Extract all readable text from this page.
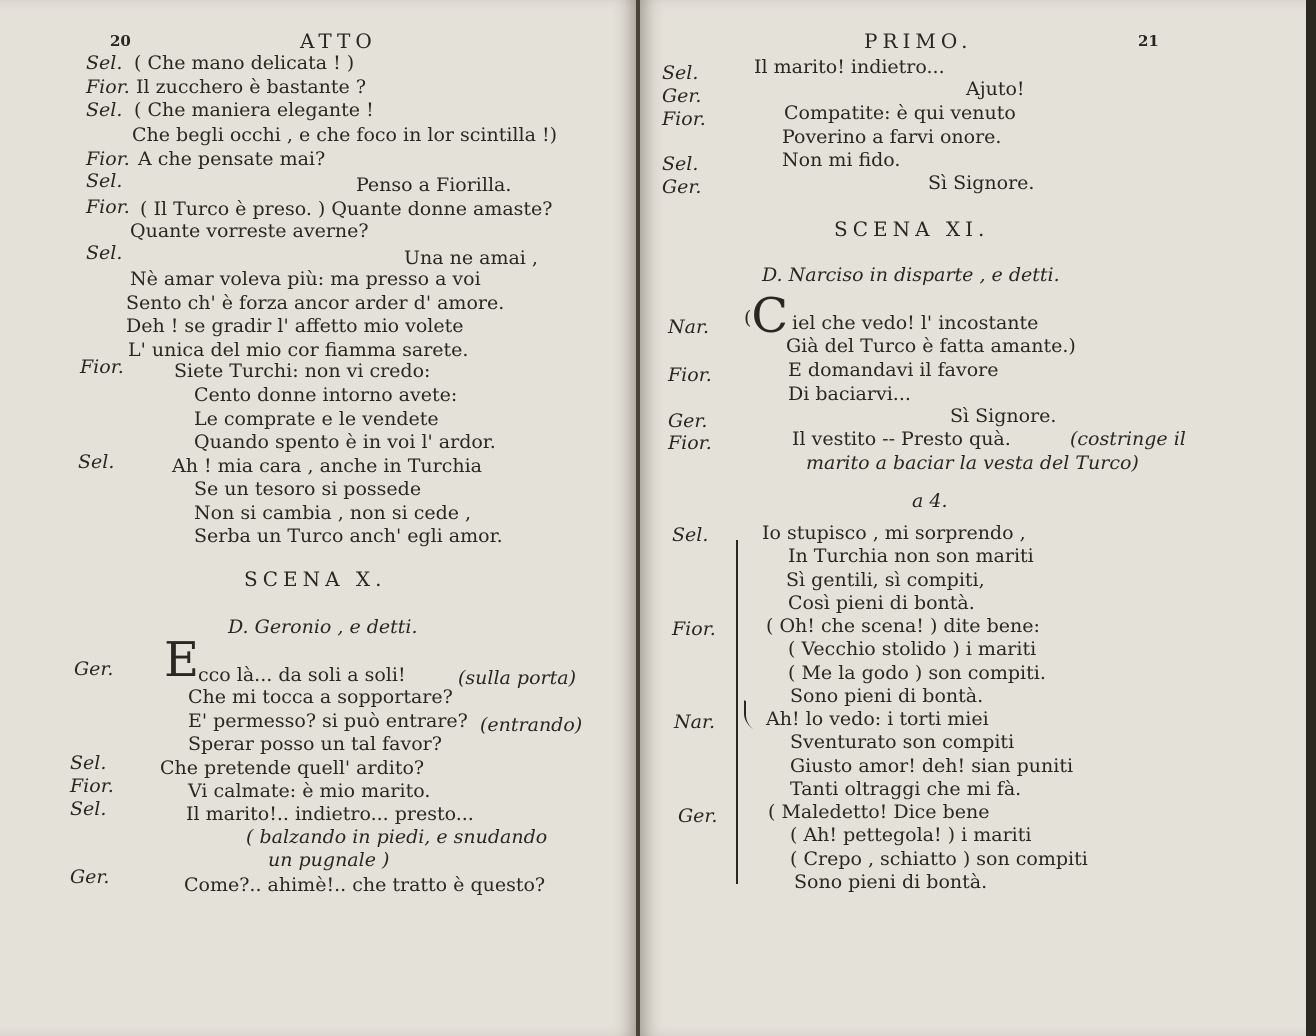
20	ATTO
Sel. ( Che mano delicata ! )
Fior. Il zucchero è bastante ?
Sel. ( Che maniera elegante !
Che begli occhi , e che foco in lor scintilla !)
Fior. A che pensate mai?
Sel.	Penso a Fiorilla.
Fior. ( Il Turco è preso. ) Quante donne amaste?
Quante vorreste averne?
Sel.	Una ne amai ,
Nè amar voleva più: ma presso a voi
Sento ch' è forza ancor arder d' amore.
Deh ! se gradir l' affetto mio volete
L' unica del mio cor fiamma sarete.
Fior.	Siete Turchi: non vi credo:
Cento donne intorno avete:
Le comprate e le vendete
Quando spento è in voi l' ardor.
Sel.	Ah ! mia cara , anche in Turchia
Se un tesoro si possede
Non si cambia , non si cede ,
Serba un Turco anch' egli amor.
SCENA X.
D. Geronio , e detti.
Ger. E
cco là... da soli a soli!	(sulla porta)
Che mi tocca a sopportare?
E' permesso? si può entrare? (entrando)
Sperar posso un tal favor?
Sel.	Che pretende quell' ardito?
Fior.	Vi calmate: è mio marito.
Sel.	Il marito!.. indietro... presto...
( balzando in piedi, e snudando
un pugnale )
Ger.	Come?.. ahimè!.. che tratto è questo?
PRIMO.	21
Sel.	Il marito! indietro...
Ger.	Ajuto!
Fior.	Compatite: è qui venuto
Poverino a farvi onore.
Sel.	Non mi fido.
Ger.	Sì Signore.
SCENA XI.
D. Narciso in disparte , e detti.
Nar. (C iel che vedo! l' incostante
Già del Turco è fatta amante.)
Fior.	E domandavi il favore
Di baciarvi...
Ger.	Sì Signore.
Fior.	Il vestito -- Presto quà.	(costringe il
marito a baciar la vesta del Turco)
a 4.
Sel.	Io stupisco , mi sorprendo ,
In Turchia non son mariti
Sì gentili, sì compiti,
Così pieni di bontà.
Fior.	( Oh! che scena! ) dite bene:
( Vecchio stolido ) i mariti
( Me la godo ) son compiti.
Sono pieni di bontà.
Nar.	Ah! lo vedo: i torti miei
Sventurato son compiti
Giusto amor! deh! sian puniti
Tanti oltraggi che mi fà.
Ger.	( Maledetto! Dice bene
( Ah! pettegola! ) i mariti
( Crepo , schiatto ) son compiti
Sono pieni di bontà.
